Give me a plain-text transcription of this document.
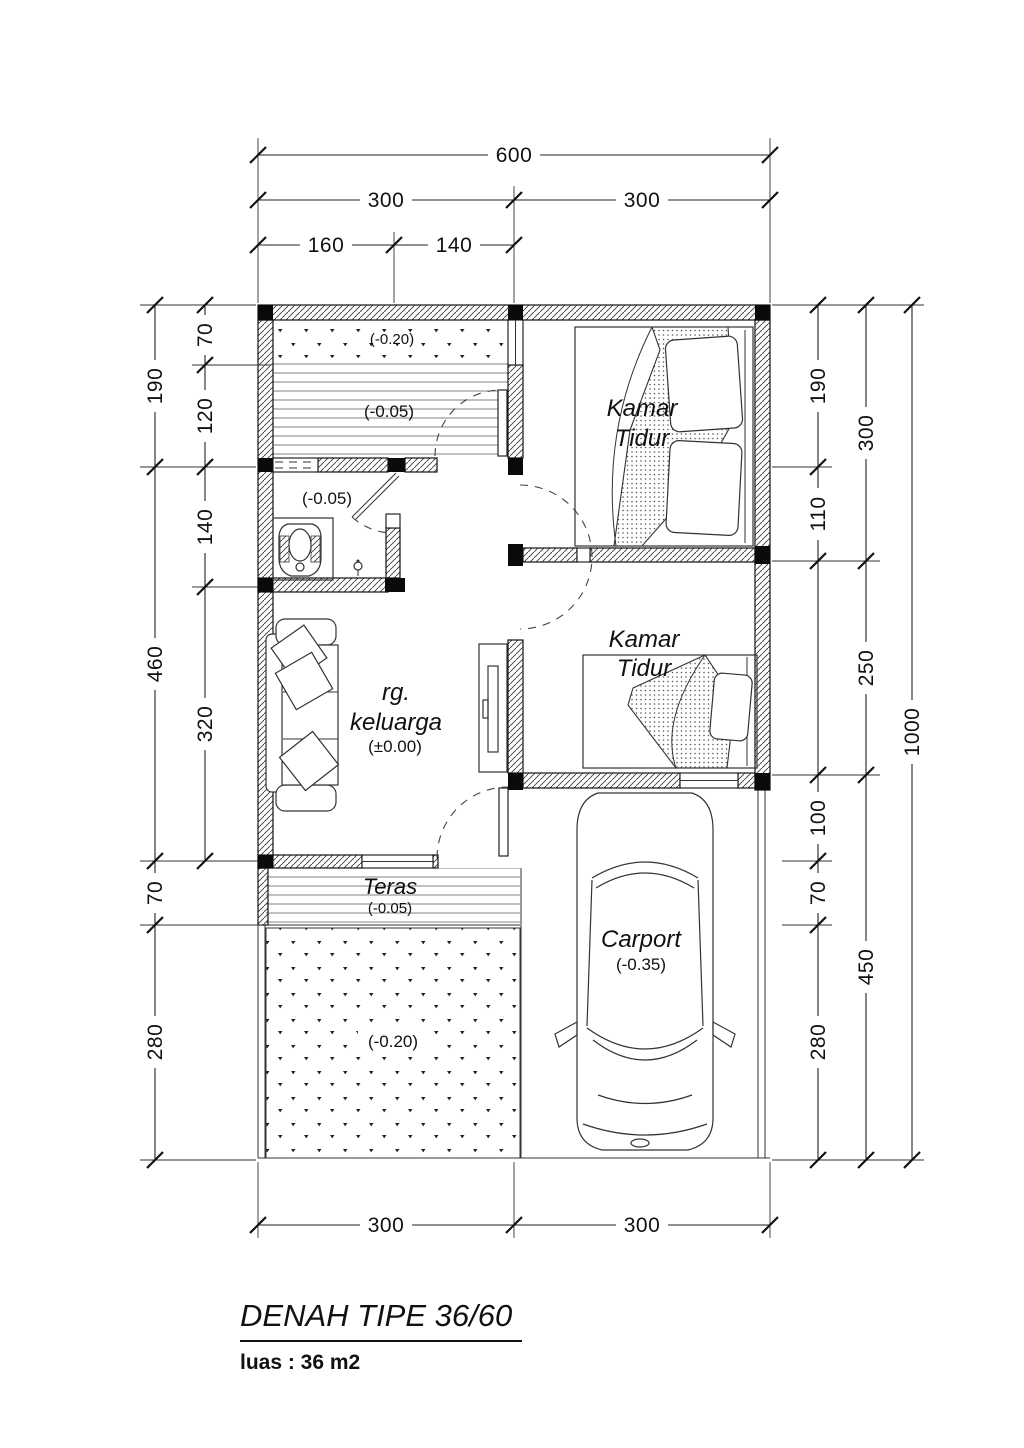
600
300	300
160	140
300	300
70
190
120
140
460
320
70
280
190
300
110
250
1000
100
70
450
280
(-0.20)
(-0.05)
(-0.05)
Kamar
Tidur
Kamar
Tidur
rg.
keluarga
(±0.00)
Teras
(-0.05)
Carport
(-0.35)
(-0.20)
DENAH TIPE 36/60
luas : 36 m2
